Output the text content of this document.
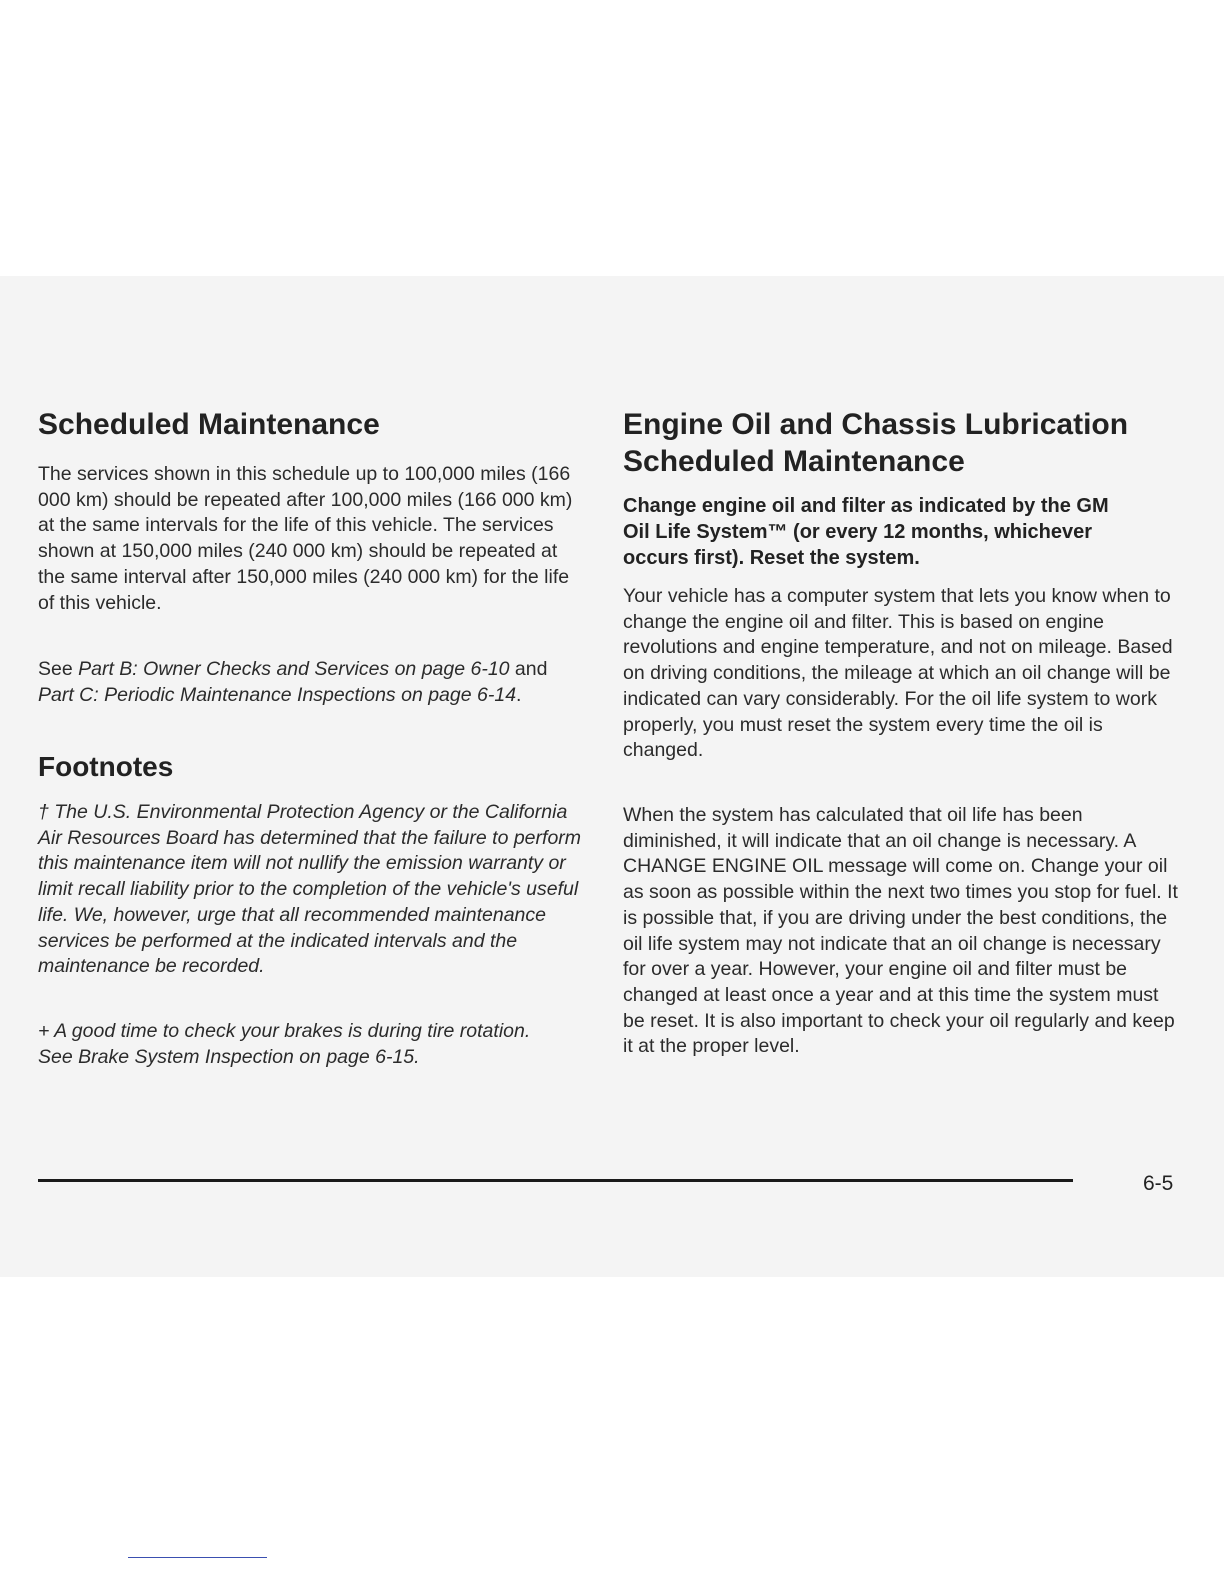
Scheduled Maintenance

The services shown in this schedule up to 100,000 miles (166 000 km) should be repeated after 100,000 miles (166 000 km) at the same intervals for the life of this vehicle. The services shown at 150,000 miles (240 000 km) should be repeated at the same interval after 150,000 miles (240 000 km) for the life of this vehicle.

See Part B: Owner Checks and Services on page 6-10 and Part C: Periodic Maintenance Inspections on page 6-14.

Footnotes

† The U.S. Environmental Protection Agency or the California Air Resources Board has determined that the failure to perform this maintenance item will not nullify the emission warranty or limit recall liability prior to the completion of the vehicle's useful life. We, however, urge that all recommended maintenance services be performed at the indicated intervals and the maintenance be recorded.

+ A good time to check your brakes is during tire rotation. See Brake System Inspection on page 6-15.

Engine Oil and Chassis Lubrication Scheduled Maintenance

Change engine oil and filter as indicated by the GM Oil Life System™ (or every 12 months, whichever occurs first). Reset the system.

Your vehicle has a computer system that lets you know when to change the engine oil and filter. This is based on engine revolutions and engine temperature, and not on mileage. Based on driving conditions, the mileage at which an oil change will be indicated can vary considerably. For the oil life system to work properly, you must reset the system every time the oil is changed.

When the system has calculated that oil life has been diminished, it will indicate that an oil change is necessary. A CHANGE ENGINE OIL message will come on. Change your oil as soon as possible within the next two times you stop for fuel. It is possible that, if you are driving under the best conditions, the oil life system may not indicate that an oil change is necessary for over a year. However, your engine oil and filter must be changed at least once a year and at this time the system must be reset. It is also important to check your oil regularly and keep it at the proper level.

6-5
